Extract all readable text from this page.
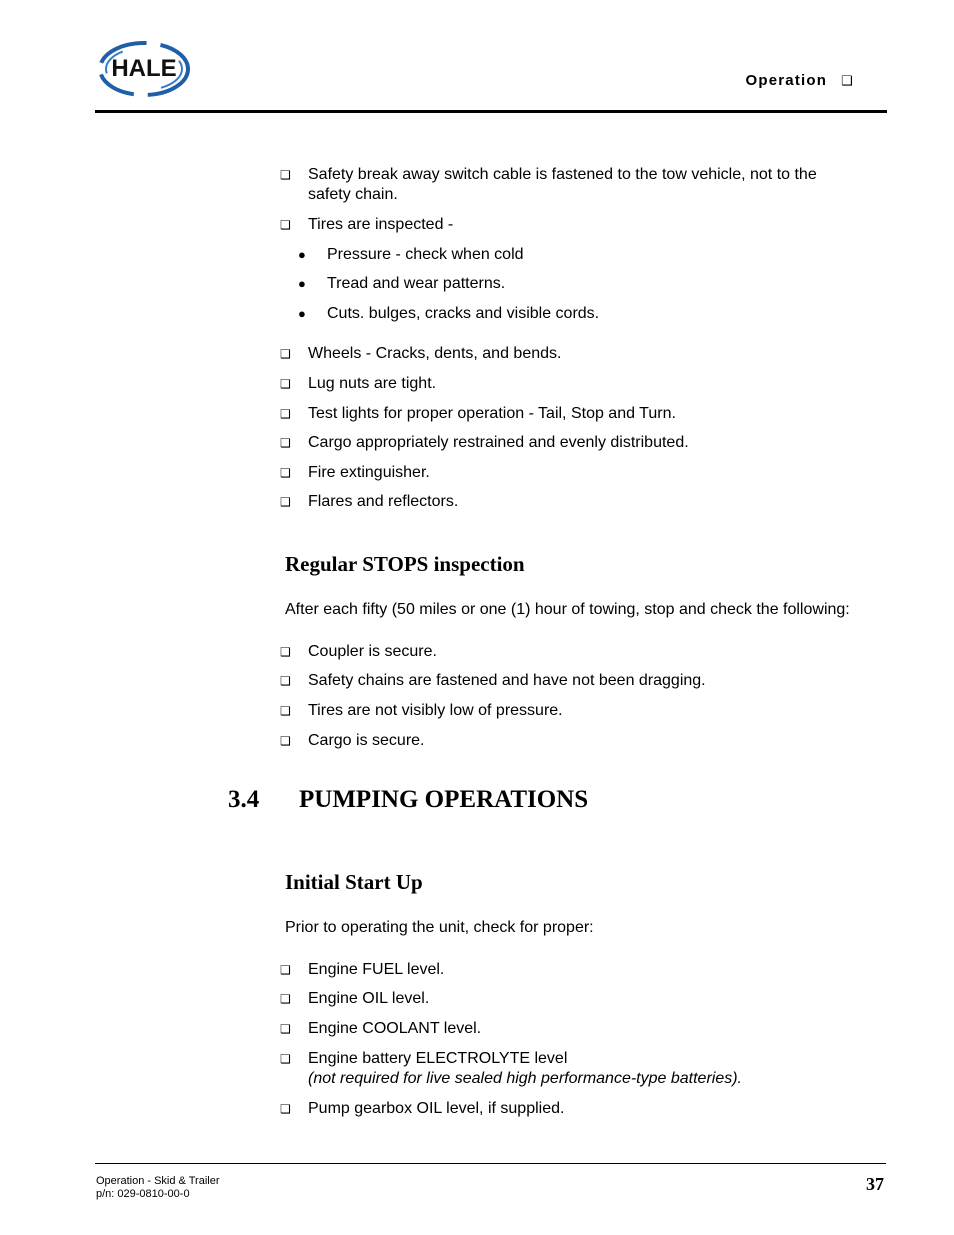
HALE	Operation ❑
❑ Safety break away switch cable is fastened to the tow vehicle, not to the
safety chain.
❑ Tires are inspected -
● Pressure - check when cold
● Tread and wear patterns.
● Cuts. bulges, cracks and visible cords.
❑ Wheels - Cracks, dents, and bends.
❑ Lug nuts are tight.
❑ Test lights for proper operation - Tail, Stop and Turn.
❑ Cargo appropriately restrained and evenly distributed.
❑ Fire extinguisher.
❑ Flares and reflectors.
Regular STOPS inspection
After each fifty (50 miles or one (1) hour of towing, stop and check the following:
❑ Coupler is secure.
❑ Safety chains are fastened and have not been dragging.
❑ Tires are not visibly low of pressure.
❑ Cargo is secure.
3.4 PUMPING OPERATIONS
Initial Start Up
Prior to operating the unit, check for proper:
❑ Engine FUEL level.
❑ Engine OIL level.
❑ Engine COOLANT level.
❑ Engine battery ELECTROLYTE level
(not required for live sealed high performance-type batteries).
❑ Pump gearbox OIL level, if supplied.
Operation - Skid & Trailer
p/n: 029-0810-00-0	37
